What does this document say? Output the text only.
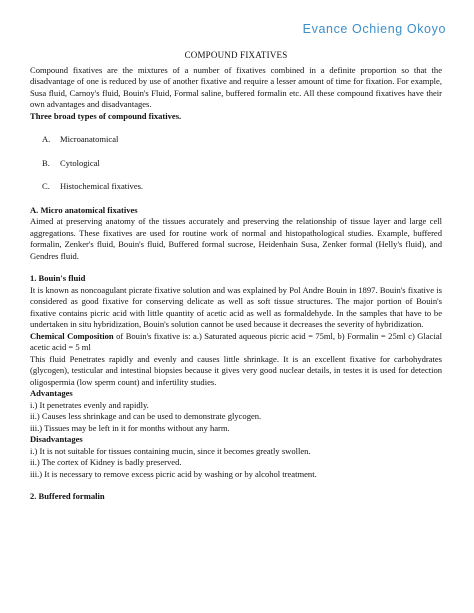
Evance Ochieng Okoyo

COMPOUND FIXATIVES

Compound fixatives are the mixtures of a number of fixatives combined in a definite proportion so that the disadvantage of one is reduced by use of another fixative and require a lesser amount of time for fixation. For example, Susa fluid, Carnoy's fluid, Bouin's Fluid, Formal saline, buffered formalin etc. All these compound fixatives have their own advantages and disadvantages.

Three broad types of compound fixatives.

A. Microanatomical

B. Cytological

C. Histochemical fixatives.

A. Micro anatomical fixatives

Aimed at preserving anatomy of the tissues accurately and preserving the relationship of tissue layer and large cell aggregations. These fixatives are used for routine work of normal and histopathological studies. Example, buffered formalin, Zenker's fluid, Bouin's fluid, Buffered formal sucrose, Heidenhain Susa, Zenker formal (Helly's fluid), and Gendres fluid.

1. Bouin's fluid

It is known as noncoagulant picrate fixative solution and was explained by Pol Andre Bouin in 1897. Bouin's fixative is considered as good fixative for conserving delicate as well as soft tissue structures. The major portion of Bouin's fixative contains picric acid with little quantity of acetic acid as well as formaldehyde. In the samples that have to be undertaken in situ hybridization, Bouin's solution cannot be used because it decreases the severity of hybridization.

Chemical Composition of Bouin's fixative is: a.) Saturated aqueous picric acid = 75ml, b) Formalin = 25ml c) Glacial acetic acid = 5 ml

This fluid Penetrates rapidly and evenly and causes little shrinkage. It is an excellent fixative for carbohydrates (glycogen), testicular and intestinal biopsies because it gives very good nuclear details, in testes it is used for detection oligospermia (low sperm count) and infertility studies.

Advantages

i.) It penetrates evenly and rapidly.

ii.) Causes less shrinkage and can be used to demonstrate glycogen.

iii.) Tissues may be left in it for months without any harm.

Disadvantages

i.) It is not suitable for tissues containing mucin, since it becomes greatly swollen.

ii.) The cortex of Kidney is badly preserved.

iii.) It is necessary to remove excess picric acid by washing or by alcohol treatment.

2. Buffered formalin
